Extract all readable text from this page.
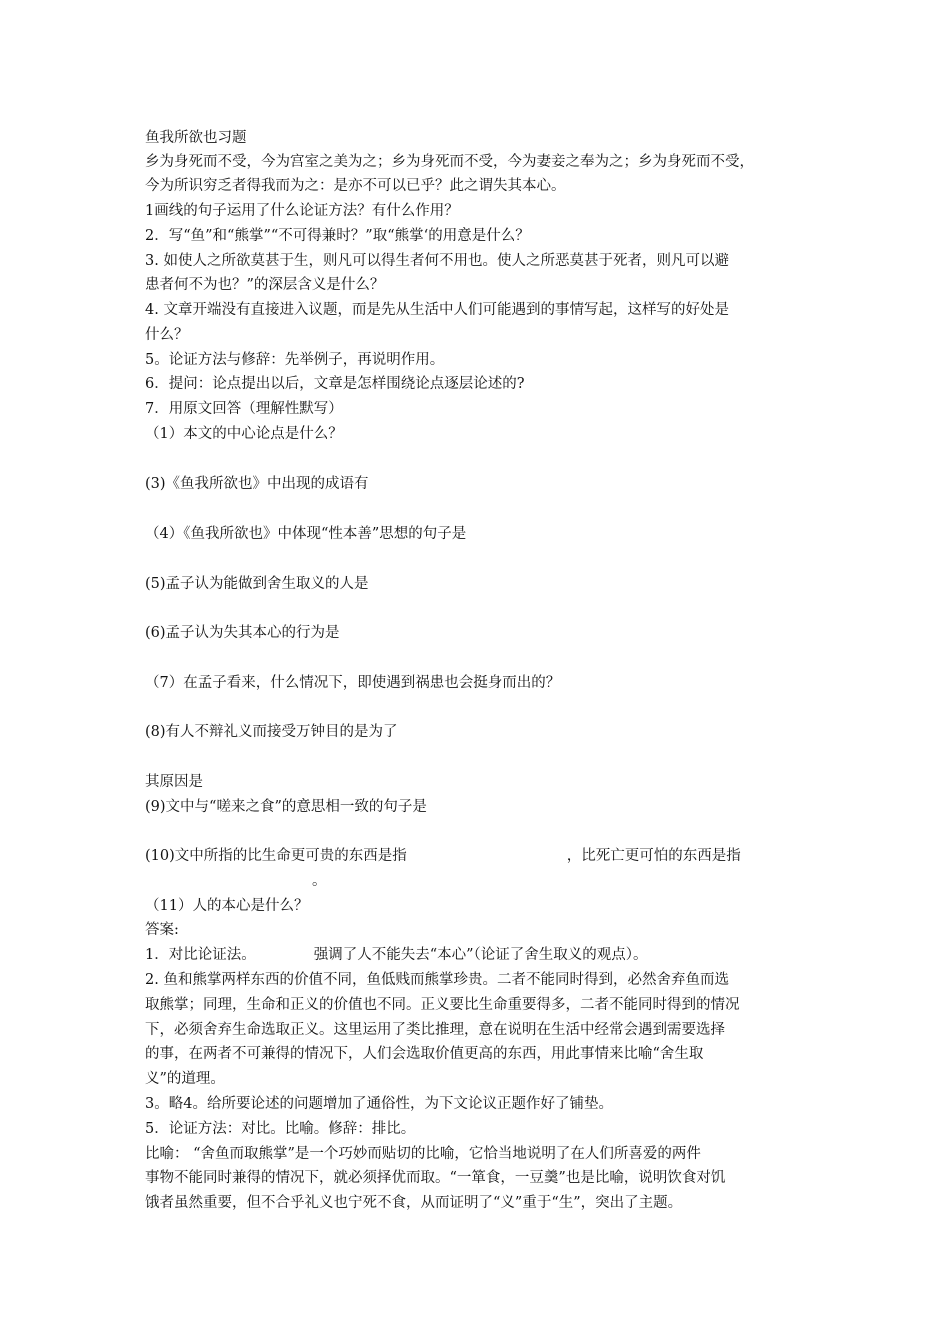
鱼我所欲也习题
乡为身死而不受，今为宫室之美为之；乡为身死而不受，今为妻妾之奉为之；乡为身死而不受，
今为所识穷乏者得我而为之：是亦不可以已乎？此之谓失其本心。
1画线的句子运用了什么论证方法？有什么作用？
2．写“鱼”和“熊掌”“不可得兼时？”取“熊掌‘的用意是什么？
3. 如使人之所欲莫甚于生，则凡可以得生者何不用也。使人之所恶莫甚于死者，则凡可以避
患者何不为也？”的深层含义是什么？
4. 文章开端没有直接进入议题，而是先从生活中人们可能遇到的事情写起，这样写的好处是
什么？
5。论证方法与修辞：先举例子，再说明作用。
6．提问：论点提出以后，文章是怎样围绕论点逐层论述的?
7．用原文回答（理解性默写）
（1）本文的中心论点是什么？
(3)《鱼我所欲也》中出现的成语有
（4）《鱼我所欲也》中体现“性本善”思想的句子是
(5)孟子认为能做到舍生取义的人是
(6)孟子认为失其本心的行为是
（7）在孟子看来，什么情况下，即使遇到祸患也会挺身而出的？
(8)有人不辩礼义而接受万钟目的是为了
其原因是
(9)文中与“嗟来之食”的意思相一致的句子是
(10)文中所指的比生命更可贵的东西是指	，比死亡更可怕的东西是指
。
（11）人的本心是什么？
答案:
1．对比论证法。	强调了人不能失去“本心”（论证了舍生取义的观点）。
2. 鱼和熊掌两样东西的价值不同，鱼低贱而熊掌珍贵。二者不能同时得到，必然舍弃鱼而选
取熊掌；同理，生命和正义的价值也不同。正义要比生命重要得多，二者不能同时得到的情况
下，必须舍弃生命选取正义。这里运用了类比推理，意在说明在生活中经常会遇到需要选择
的事，在两者不可兼得的情况下，人们会选取价值更高的东西，用此事情来比喻“舍生取
义”的道理。
3。略4。给所要论述的问题增加了通俗性，为下文论议正题作好了铺垫。
5．论证方法：对比。比喻。修辞：排比。
比喻： “舍鱼而取熊掌”是一个巧妙而贴切的比喻，它恰当地说明了在人们所喜爱的两件
事物不能同时兼得的情况下，就必须择优而取。“一箪食，一豆羹”也是比喻，说明饮食对饥
饿者虽然重要，但不合乎礼义也宁死不食，从而证明了“义”重于“生”，突出了主题。
